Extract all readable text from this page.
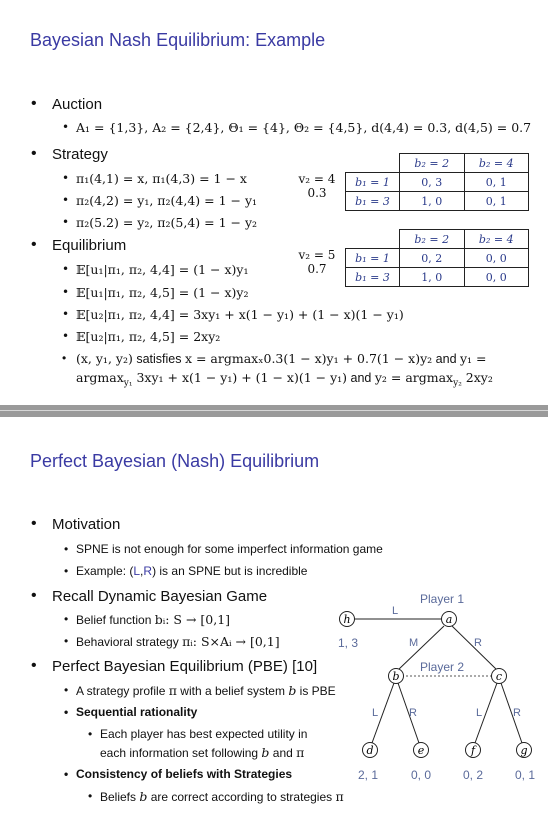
Bayesian Nash Equilibrium: Example
• Auction
• A₁ = {1,3}, A₂ = {2,4}, Θ₁ = {4}, Θ₂ = {4,5}, d(4,4) = 0.3, d(4,5) = 0.7
• Strategy
• π₁(4,1) = x, π₁(4,3) = 1 − x
• π₂(4,2) = y₁, π₂(4,4) = 1 − y₁
• π₂(5.2) = y₂, π₂(5,4) = 1 − y₂
• Equilibrium
• 𝔼[u₁|π₁, π₂, 4,4] = (1 − x)y₁
• 𝔼[u₁|π₁, π₂, 4,5] = (1 − x)y₂
• 𝔼[u₂|π₁, π₂, 4,4] = 3xy₁ + x(1 − y₁) + (1 − x)(1 − y₁)
• 𝔼[u₂|π₁, π₂, 4,5] = 2xy₂
• (x, y₁, y₂) satisfies x = argmaxₓ0.3(1 − x)y₁ + 0.7(1 − x)y₂ and y₁ =
argmax$_{y_1}$ 3xy₁ + x(1 − y₁) + (1 − x)(1 − y₁) and y₂ = argmax$_{y_2}$ 2xy₂
v₂ = 4
0.3
	b₂ = 2	b₂ = 4
b₁ = 1	0, 3	0, 1
b₁ = 3	1, 0	0, 1
v₂ = 5
0.7
	b₂ = 2	b₂ = 4
b₁ = 1	0, 2	0, 0
b₁ = 3	1, 0	0, 0
Perfect Bayesian (Nash) Equilibrium
• Motivation
• SPNE is not enough for some imperfect information game
• Example: (L,R) is an SPNE but is incredible
• Recall Dynamic Bayesian Game
• Belief function bᵢ: S → [0,1]
• Behavioral strategy πᵢ: S×Aᵢ → [0,1]
• Perfect Bayesian Equilibrium (PBE) [10]
• A strategy profile π with a belief system b is PBE
• Sequential rationality
• Each player has best expected utility in
each information set following b and π
• Consistency of beliefs with Strategies
• Beliefs b are correct according to strategies π
Player 1
Player 2
L
M	R
L	R	L	R
h	a
b	c
d	e	f	g
1, 3
2, 1	0, 0	0, 2	0, 1
